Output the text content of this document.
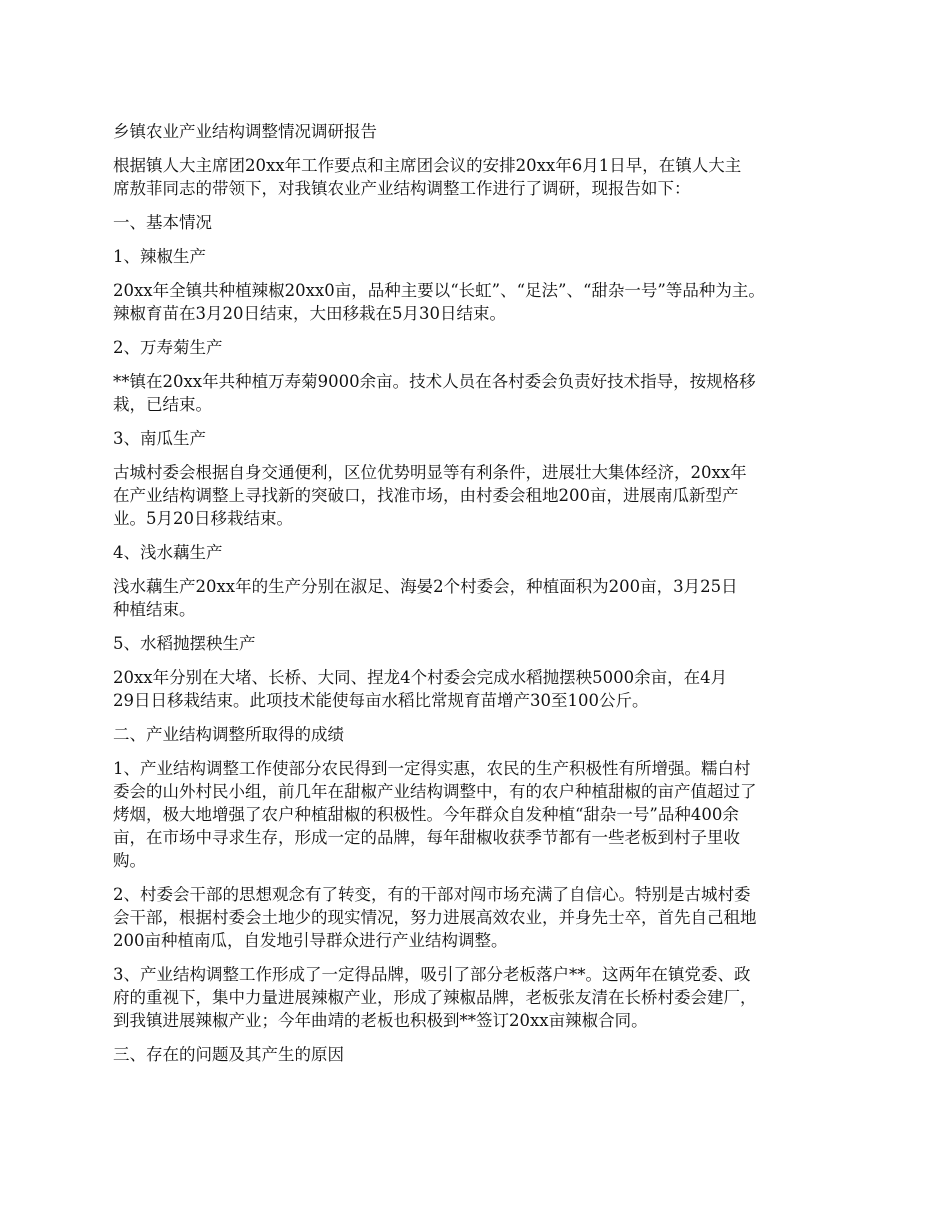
乡镇农业产业结构调整情况调研报告
根据镇人大主席团20xx年工作要点和主席团会议的安排20xx年6月1日早，在镇人大主
席敖菲同志的带领下，对我镇农业产业结构调整工作进行了调研，现报告如下：
一、基本情况
1、辣椒生产
20xx年全镇共种植辣椒20xx0亩，品种主要以“长虹”、“足法”、“甜杂一号”等品种为主。
辣椒育苗在3月20日结束，大田移栽在5月30日结束。
2、万寿菊生产
**镇在20xx年共种植万寿菊9000余亩。技术人员在各村委会负责好技术指导，按规格移
栽，已结束。
3、南瓜生产
古城村委会根据自身交通便利，区位优势明显等有利条件，进展壮大集体经济，20xx年
在产业结构调整上寻找新的突破口，找准市场，由村委会租地200亩，进展南瓜新型产
业。5月20日移栽结束。
4、浅水藕生产
浅水藕生产20xx年的生产分别在淑足、海晏2个村委会，种植面积为200亩，3月25日
种植结束。
5、水稻抛摆秧生产
20xx年分别在大堵、长桥、大同、捏龙4个村委会完成水稻抛摆秧5000余亩，在4月
29日日移栽结束。此项技术能使每亩水稻比常规育苗增产30至100公斤。
二、产业结构调整所取得的成绩
1、产业结构调整工作使部分农民得到一定得实惠，农民的生产积极性有所增强。糯白村
委会的山外村民小组，前几年在甜椒产业结构调整中，有的农户种植甜椒的亩产值超过了
烤烟，极大地增强了农户种植甜椒的积极性。今年群众自发种植“甜杂一号”品种400余
亩，在市场中寻求生存，形成一定的品牌，每年甜椒收获季节都有一些老板到村子里收
购。
2、村委会干部的思想观念有了转变，有的干部对闯市场充满了自信心。特别是古城村委
会干部，根据村委会土地少的现实情况，努力进展高效农业，并身先士卒，首先自己租地
200亩种植南瓜，自发地引导群众进行产业结构调整。
3、产业结构调整工作形成了一定得品牌，吸引了部分老板落户**。这两年在镇党委、政
府的重视下，集中力量进展辣椒产业，形成了辣椒品牌，老板张友清在长桥村委会建厂，
到我镇进展辣椒产业；今年曲靖的老板也积极到**签订20xx亩辣椒合同。
三、存在的问题及其产生的原因
